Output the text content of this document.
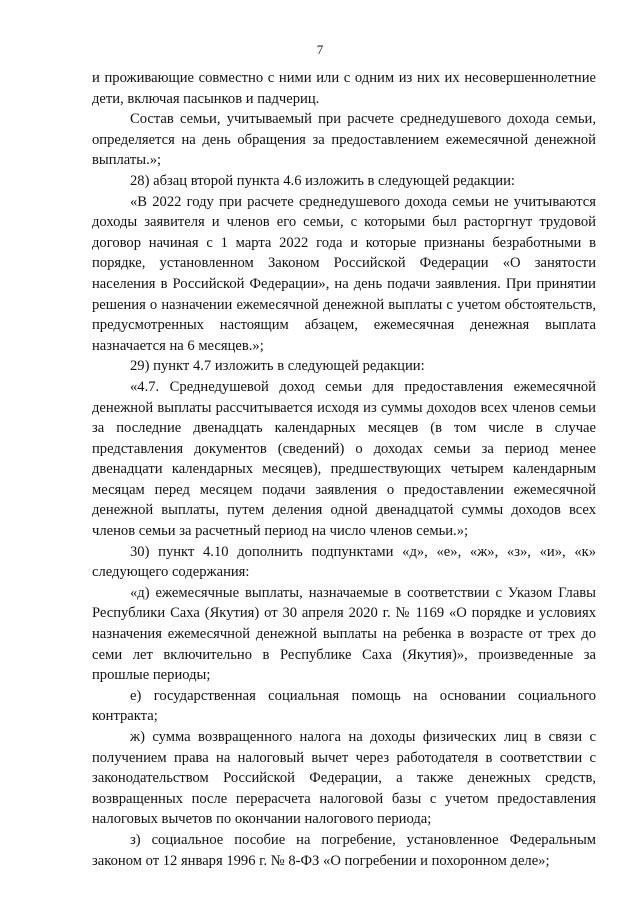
7

и проживающие совместно с ними или с одним из них их несовершеннолетние дети, включая пасынков и падчериц.

Состав семьи, учитываемый при расчете среднедушевого дохода семьи, определяется на день обращения за предоставлением ежемесячной денежной выплаты.»;

28) абзац второй пункта 4.6 изложить в следующей редакции:

«В 2022 году при расчете среднедушевого дохода семьи не учитываются доходы заявителя и членов его семьи, с которыми был расторгнут трудовой договор начиная с 1 марта 2022 года и которые признаны безработными в порядке, установленном Законом Российской Федерации «О занятости населения в Российской Федерации», на день подачи заявления. При принятии решения о назначении ежемесячной денежной выплаты с учетом обстоятельств, предусмотренных настоящим абзацем, ежемесячная денежная выплата назначается на 6 месяцев.»;

29) пункт 4.7 изложить в следующей редакции:

«4.7. Среднедушевой доход семьи для предоставления ежемесячной денежной выплаты рассчитывается исходя из суммы доходов всех членов семьи за последние двенадцать календарных месяцев (в том числе в случае представления документов (сведений) о доходах семьи за период менее двенадцати календарных месяцев), предшествующих четырем календарным месяцам перед месяцем подачи заявления о предоставлении ежемесячной денежной выплаты, путем деления одной двенадцатой суммы доходов всех членов семьи за расчетный период на число членов семьи.»;

30) пункт 4.10 дополнить подпунктами «д», «е», «ж», «з», «и», «к» следующего содержания:

«д) ежемесячные выплаты, назначаемые в соответствии с Указом Главы Республики Саха (Якутия) от 30 апреля 2020 г. № 1169 «О порядке и условиях назначения ежемесячной денежной выплаты на ребенка в возрасте от трех до семи лет включительно в Республике Саха (Якутия)», произведенные за прошлые периоды;

е) государственная социальная помощь на основании социального контракта;

ж) сумма возвращенного налога на доходы физических лиц в связи с получением права на налоговый вычет через работодателя в соответствии с законодательством Российской Федерации, а также денежных средств, возвращенных после перерасчета налоговой базы с учетом предоставления налоговых вычетов по окончании налогового периода;

з) социальное пособие на погребение, установленное Федеральным законом от 12 января 1996 г. № 8-ФЗ «О погребении и похоронном деле»;
